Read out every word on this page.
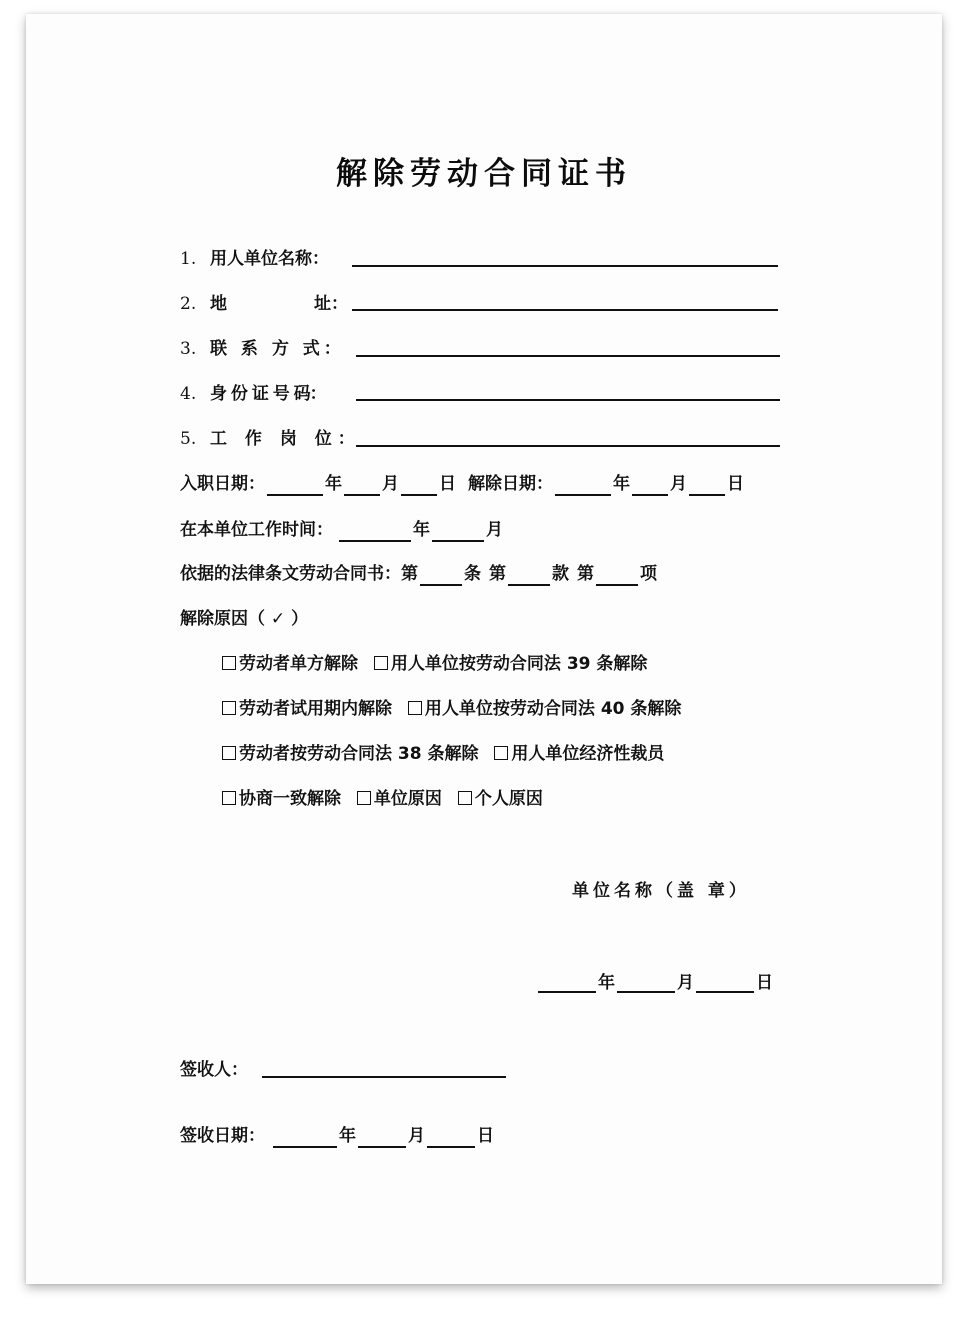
解除劳动合同证书
1. 用人单位名称：
2. 地	址：
3. 联 系 方 式：
4. 身 份 证 号 码：
5. 工 作 岗 位：
入职日期：	年 月 日 解除日期：	年 月 日
在本单位工作时间：	年	月
依据的法律条文劳动合同书： 第	条 第	款 第	项
解除原因（ ✓ ）
劳动者单方解除 用人单位按劳动合同法 39 条解除
劳动者试用期内解除 用人单位按劳动合同法 40 条解除
劳动者按劳动合同法 38 条解除 用人单位经济性裁员
协商一致解除 单位原因 个人原因
单位名称（盖 章）
年	月	日
签收人：
签收日期：	年	月	日
